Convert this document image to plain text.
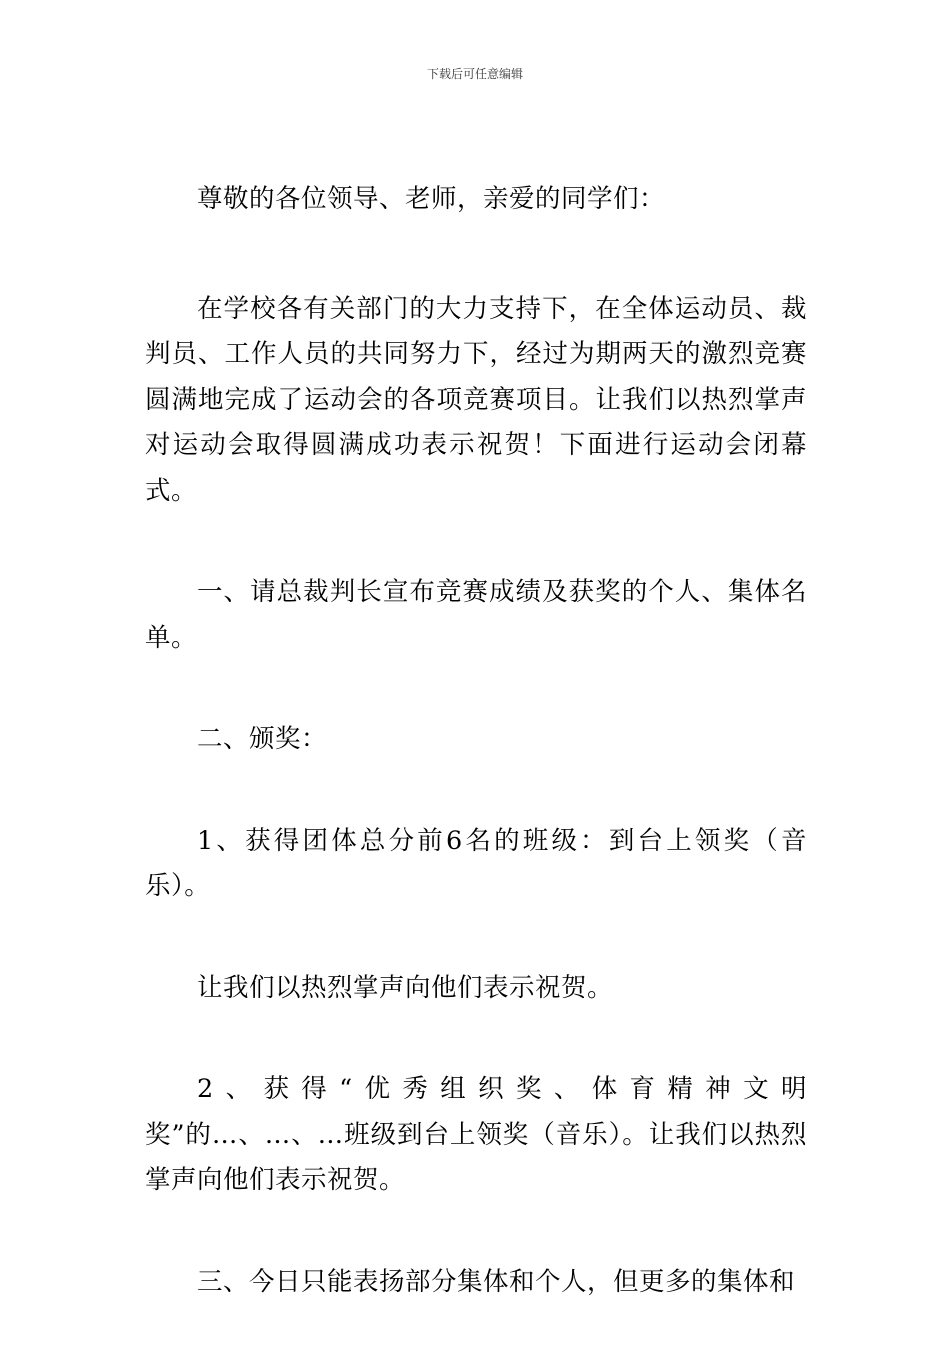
下载后可任意编辑

尊敬的各位领导、老师，亲爱的同学们：

在学校各有关部门的大力支持下，在全体运动员、裁判员、工作人员的共同努力下，经过为期两天的激烈竞赛圆满地完成了运动会的各项竞赛项目。让我们以热烈掌声对运动会取得圆满成功表示祝贺！下面进行运动会闭幕式。

一、请总裁判长宣布竞赛成绩及获奖的个人、集体名单。

二、颁奖：

1、获得团体总分前6名的班级：到台上领奖（音乐）。

让我们以热烈掌声向他们表示祝贺。

2、获得“优秀组织奖、体育精神文明奖”的…、…、…班级到台上领奖（音乐）。让我们以热烈掌声向他们表示祝贺。

三、今日只能表扬部分集体和个人，但更多的集体和
